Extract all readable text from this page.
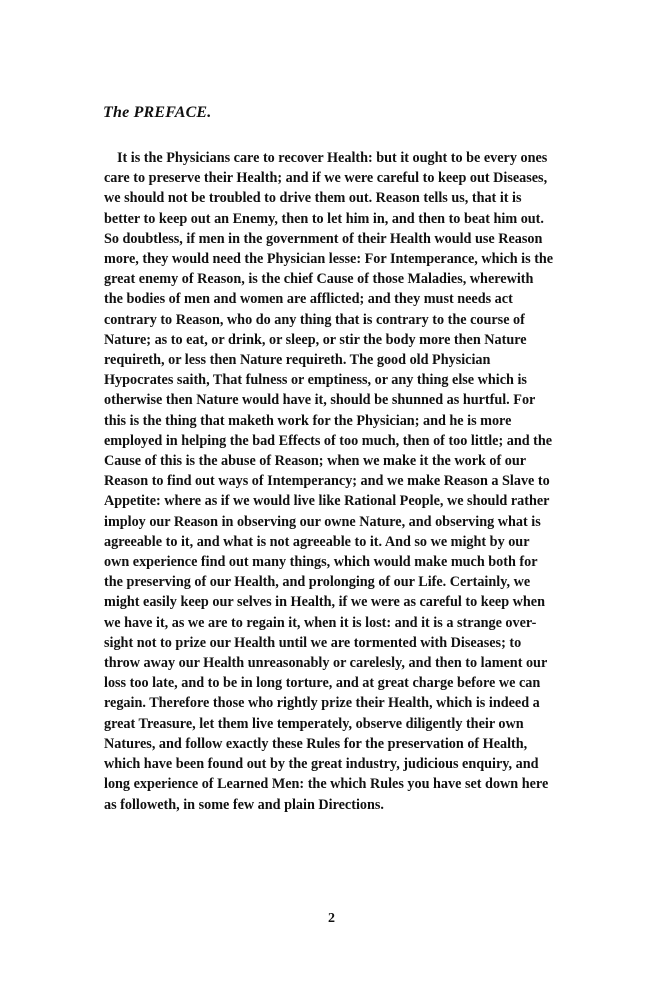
The PREFACE.
It is the Physicians care to recover Health: but it ought to be every ones
care to preserve their Health; and if we were careful to keep out Diseases,
we should not be troubled to drive them out. Reason tells us, that it is
better to keep out an Enemy, then to let him in, and then to beat him out.
So doubtless, if men in the government of their Health would use Reason
more, they would need the Physician lesse: For Intemperance, which is the
great enemy of Reason, is the chief Cause of those Maladies, wherewith
the bodies of men and women are afflicted; and they must needs act
contrary to Reason, who do any thing that is contrary to the course of
Nature; as to eat, or drink, or sleep, or stir the body more then Nature
requireth, or less then Nature requireth. The good old Physician
Hypocrates saith, That fulness or emptiness, or any thing else which is
otherwise then Nature would have it, should be shunned as hurtful. For
this is the thing that maketh work for the Physician; and he is more
employed in helping the bad Effects of too much, then of too little; and the
Cause of this is the abuse of Reason; when we make it the work of our
Reason to find out ways of Intemperancy; and we make Reason a Slave to
Appetite: where as if we would live like Rational People, we should rather
imploy our Reason in observing our owne Nature, and observing what is
agreeable to it, and what is not agreeable to it. And so we might by our
own experience find out many things, which would make much both for
the preserving of our Health, and prolonging of our Life. Certainly, we
might easily keep our selves in Health, if we were as careful to keep when
we have it, as we are to regain it, when it is lost: and it is a strange over-
sight not to prize our Health until we are tormented with Diseases; to
throw away our Health unreasonably or carelesly, and then to lament our
loss too late, and to be in long torture, and at great charge before we can
regain. Therefore those who rightly prize their Health, which is indeed a
great Treasure, let them live temperately, observe diligently their own
Natures, and follow exactly these Rules for the preservation of Health,
which have been found out by the great industry, judicious enquiry, and
long experience of Learned Men: the which Rules you have set down here
as followeth, in some few and plain Directions.
2
